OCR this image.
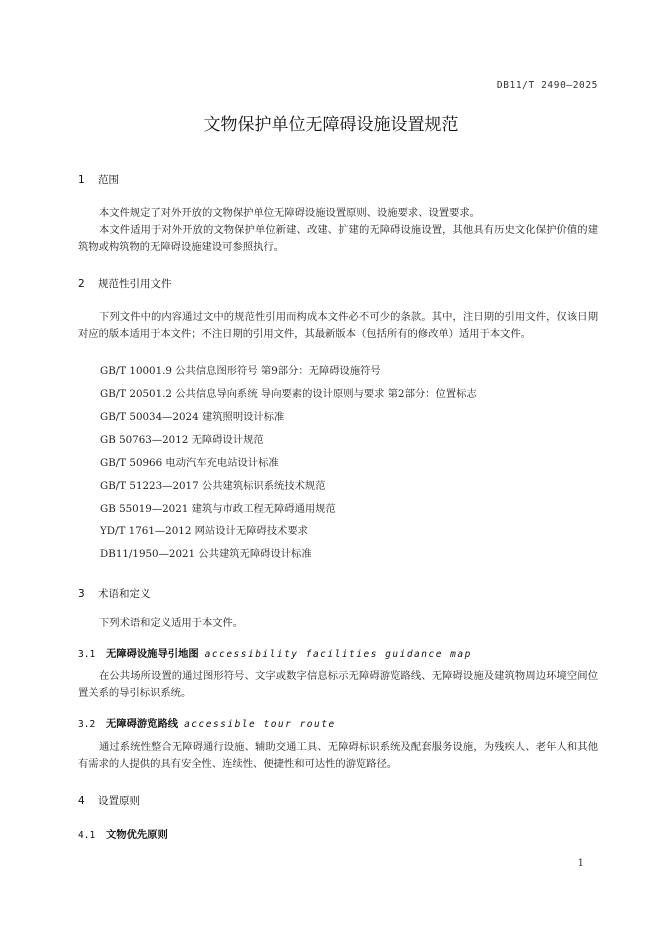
DB11/T 2490—2025
文物保护单位无障碍设施设置规范
1 范围
本文件规定了对外开放的文物保护单位无障碍设施设置原则、设施要求、设置要求。
本文件适用于对外开放的文物保护单位新建、改建、扩建的无障碍设施设置，其他具有历史文化保护价值的建筑物或构筑物的无障碍设施建设可参照执行。
2 规范性引用文件
下列文件中的内容通过文中的规范性引用而构成本文件必不可少的条款。其中，注日期的引用文件，仅该日期对应的版本适用于本文件；不注日期的引用文件，其最新版本（包括所有的修改单）适用于本文件。
GB/T 10001.9 公共信息图形符号 第9部分：无障碍设施符号
GB/T 20501.2 公共信息导向系统 导向要素的设计原则与要求 第2部分：位置标志
GB/T 50034—2024 建筑照明设计标准
GB 50763—2012 无障碍设计规范
GB/T 50966 电动汽车充电站设计标准
GB/T 51223—2017 公共建筑标识系统技术规范
GB 55019—2021 建筑与市政工程无障碍通用规范
YD/T 1761—2012 网站设计无障碍技术要求
DB11/1950—2021 公共建筑无障碍设计标准
3 术语和定义
下列术语和定义适用于本文件。
3.1 无障碍设施导引地图 accessibility facilities guidance map
在公共场所设置的通过图形符号、文字或数字信息标示无障碍游览路线、无障碍设施及建筑物周边环境空间位置关系的导引标识系统。
3.2 无障碍游览路线 accessible tour route
通过系统性整合无障碍通行设施、辅助交通工具、无障碍标识系统及配套服务设施，为残疾人、老年人和其他有需求的人提供的具有安全性、连续性、便捷性和可达性的游览路径。
4 设置原则
4.1 文物优先原则
1
